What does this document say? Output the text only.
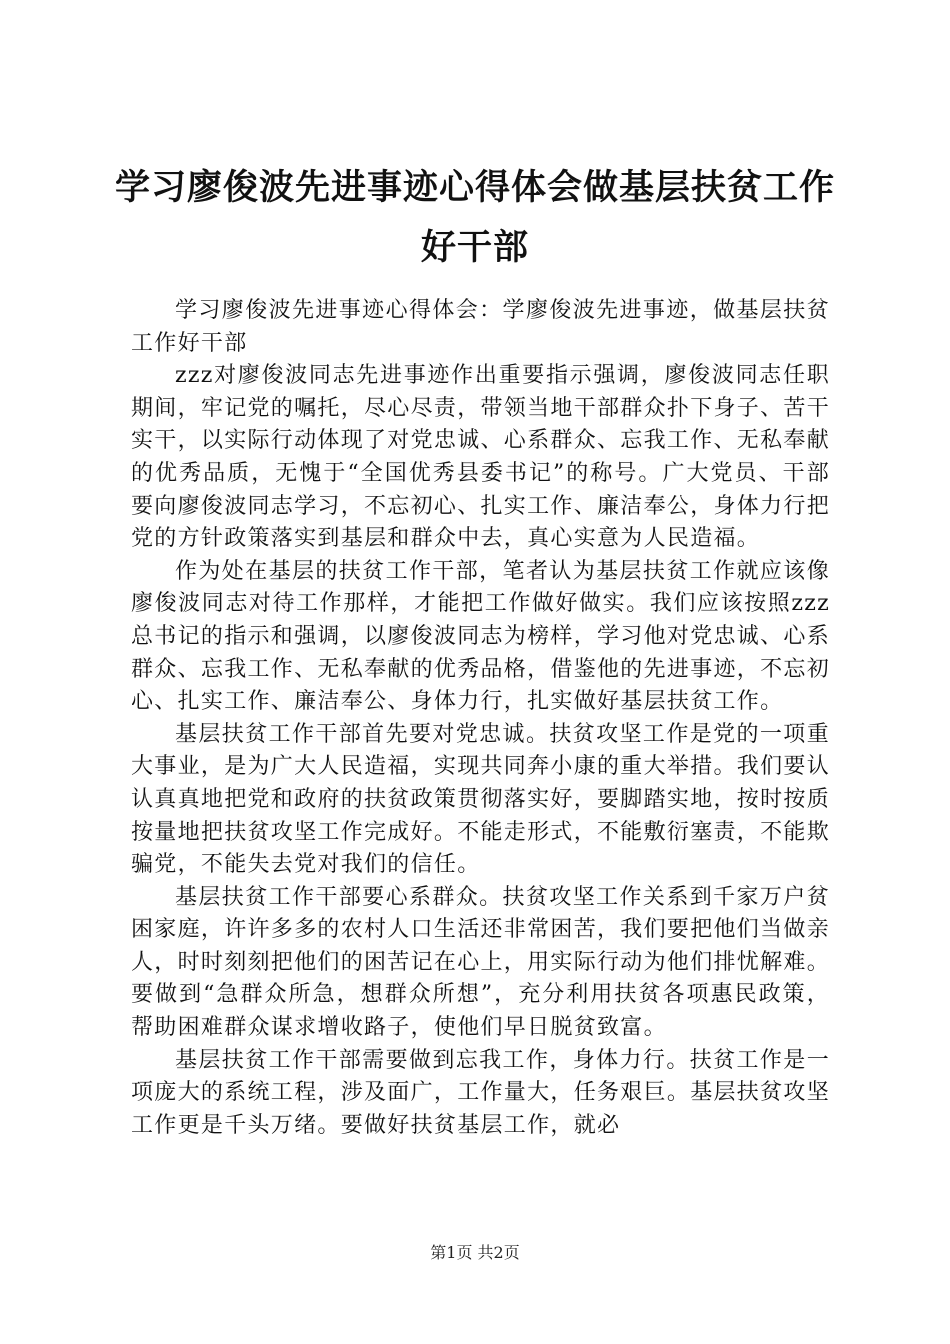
学习廖俊波先进事迹心得体会做基层扶贫工作
好干部

学习廖俊波先进事迹心得体会：学廖俊波先进事迹，做基层扶贫工作好干部

zzz对廖俊波同志先进事迹作出重要指示强调，廖俊波同志任职期间，牢记党的嘱托，尽心尽责，带领当地干部群众扑下身子、苦干实干，以实际行动体现了对党忠诚、心系群众、忘我工作、无私奉献的优秀品质，无愧于“全国优秀县委书记”的称号。广大党员、干部要向廖俊波同志学习，不忘初心、扎实工作、廉洁奉公，身体力行把党的方针政策落实到基层和群众中去，真心实意为人民造福。

作为处在基层的扶贫工作干部，笔者认为基层扶贫工作就应该像廖俊波同志对待工作那样，才能把工作做好做实。我们应该按照zzz总书记的指示和强调，以廖俊波同志为榜样，学习他对党忠诚、心系群众、忘我工作、无私奉献的优秀品格，借鉴他的先进事迹，不忘初心、扎实工作、廉洁奉公、身体力行，扎实做好基层扶贫工作。

基层扶贫工作干部首先要对党忠诚。扶贫攻坚工作是党的一项重大事业，是为广大人民造福，实现共同奔小康的重大举措。我们要认认真真地把党和政府的扶贫政策贯彻落实好，要脚踏实地，按时按质按量地把扶贫攻坚工作完成好。不能走形式，不能敷衍塞责，不能欺骗党，不能失去党对我们的信任。

基层扶贫工作干部要心系群众。扶贫攻坚工作关系到千家万户贫困家庭，许许多多的农村人口生活还非常困苦，我们要把他们当做亲人，时时刻刻把他们的困苦记在心上，用实际行动为他们排忧解难。要做到“急群众所急，想群众所想”，充分利用扶贫各项惠民政策，帮助困难群众谋求增收路子，使他们早日脱贫致富。

基层扶贫工作干部需要做到忘我工作，身体力行。扶贫工作是一项庞大的系统工程，涉及面广，工作量大，任务艰巨。基层扶贫攻坚工作更是千头万绪。要做好扶贫基层工作，就必

第1页 共2页
